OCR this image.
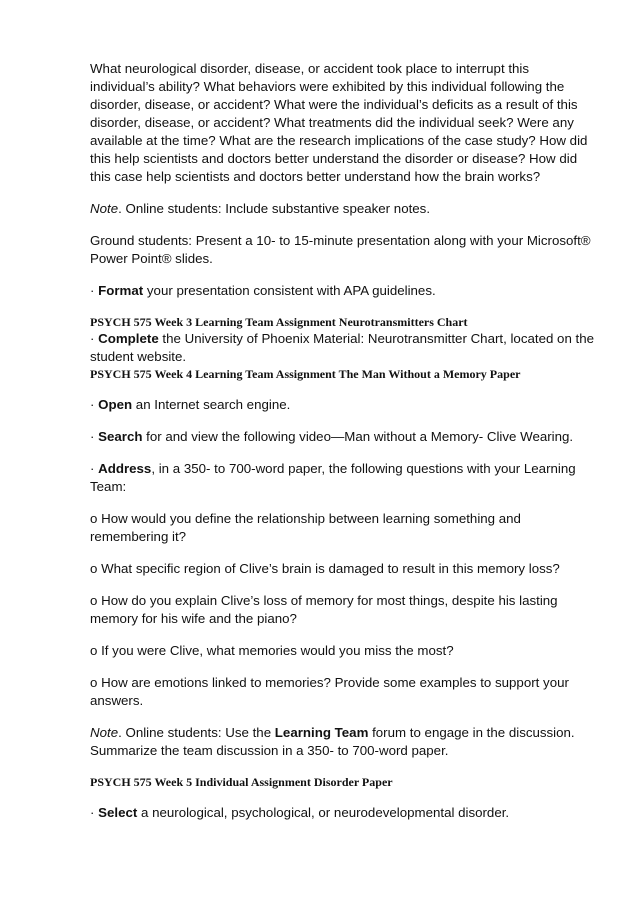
What neurological disorder, disease, or accident took place to interrupt this individual’s ability? What behaviors were exhibited by this individual following the disorder, disease, or accident? What were the individual’s deficits as a result of this disorder, disease, or accident? What treatments did the individual seek? Were any available at the time? What are the research implications of the case study? How did this help scientists and doctors better understand the disorder or disease? How did this case help scientists and doctors better understand how the brain works?

Note. Online students: Include substantive speaker notes.

Ground students: Present a 10- to 15-minute presentation along with your Microsoft® Power Point® slides.

· Format your presentation consistent with APA guidelines.

PSYCH 575 Week 3 Learning Team Assignment Neurotransmitters Chart

· Complete the University of Phoenix Material: Neurotransmitter Chart, located on the student website.

PSYCH 575 Week 4 Learning Team Assignment The Man Without a Memory Paper

· Open an Internet search engine.

· Search for and view the following video—Man without a Memory- Clive Wearing.

· Address, in a 350- to 700-word paper, the following questions with your Learning Team:

o How would you define the relationship between learning something and remembering it?

o What specific region of Clive’s brain is damaged to result in this memory loss?

o How do you explain Clive’s loss of memory for most things, despite his lasting memory for his wife and the piano?

o If you were Clive, what memories would you miss the most?

o How are emotions linked to memories? Provide some examples to support your answers.

Note. Online students: Use the Learning Team forum to engage in the discussion. Summarize the team discussion in a 350- to 700-word paper.

PSYCH 575 Week 5 Individual Assignment Disorder Paper

· Select a neurological, psychological, or neurodevelopmental disorder.
